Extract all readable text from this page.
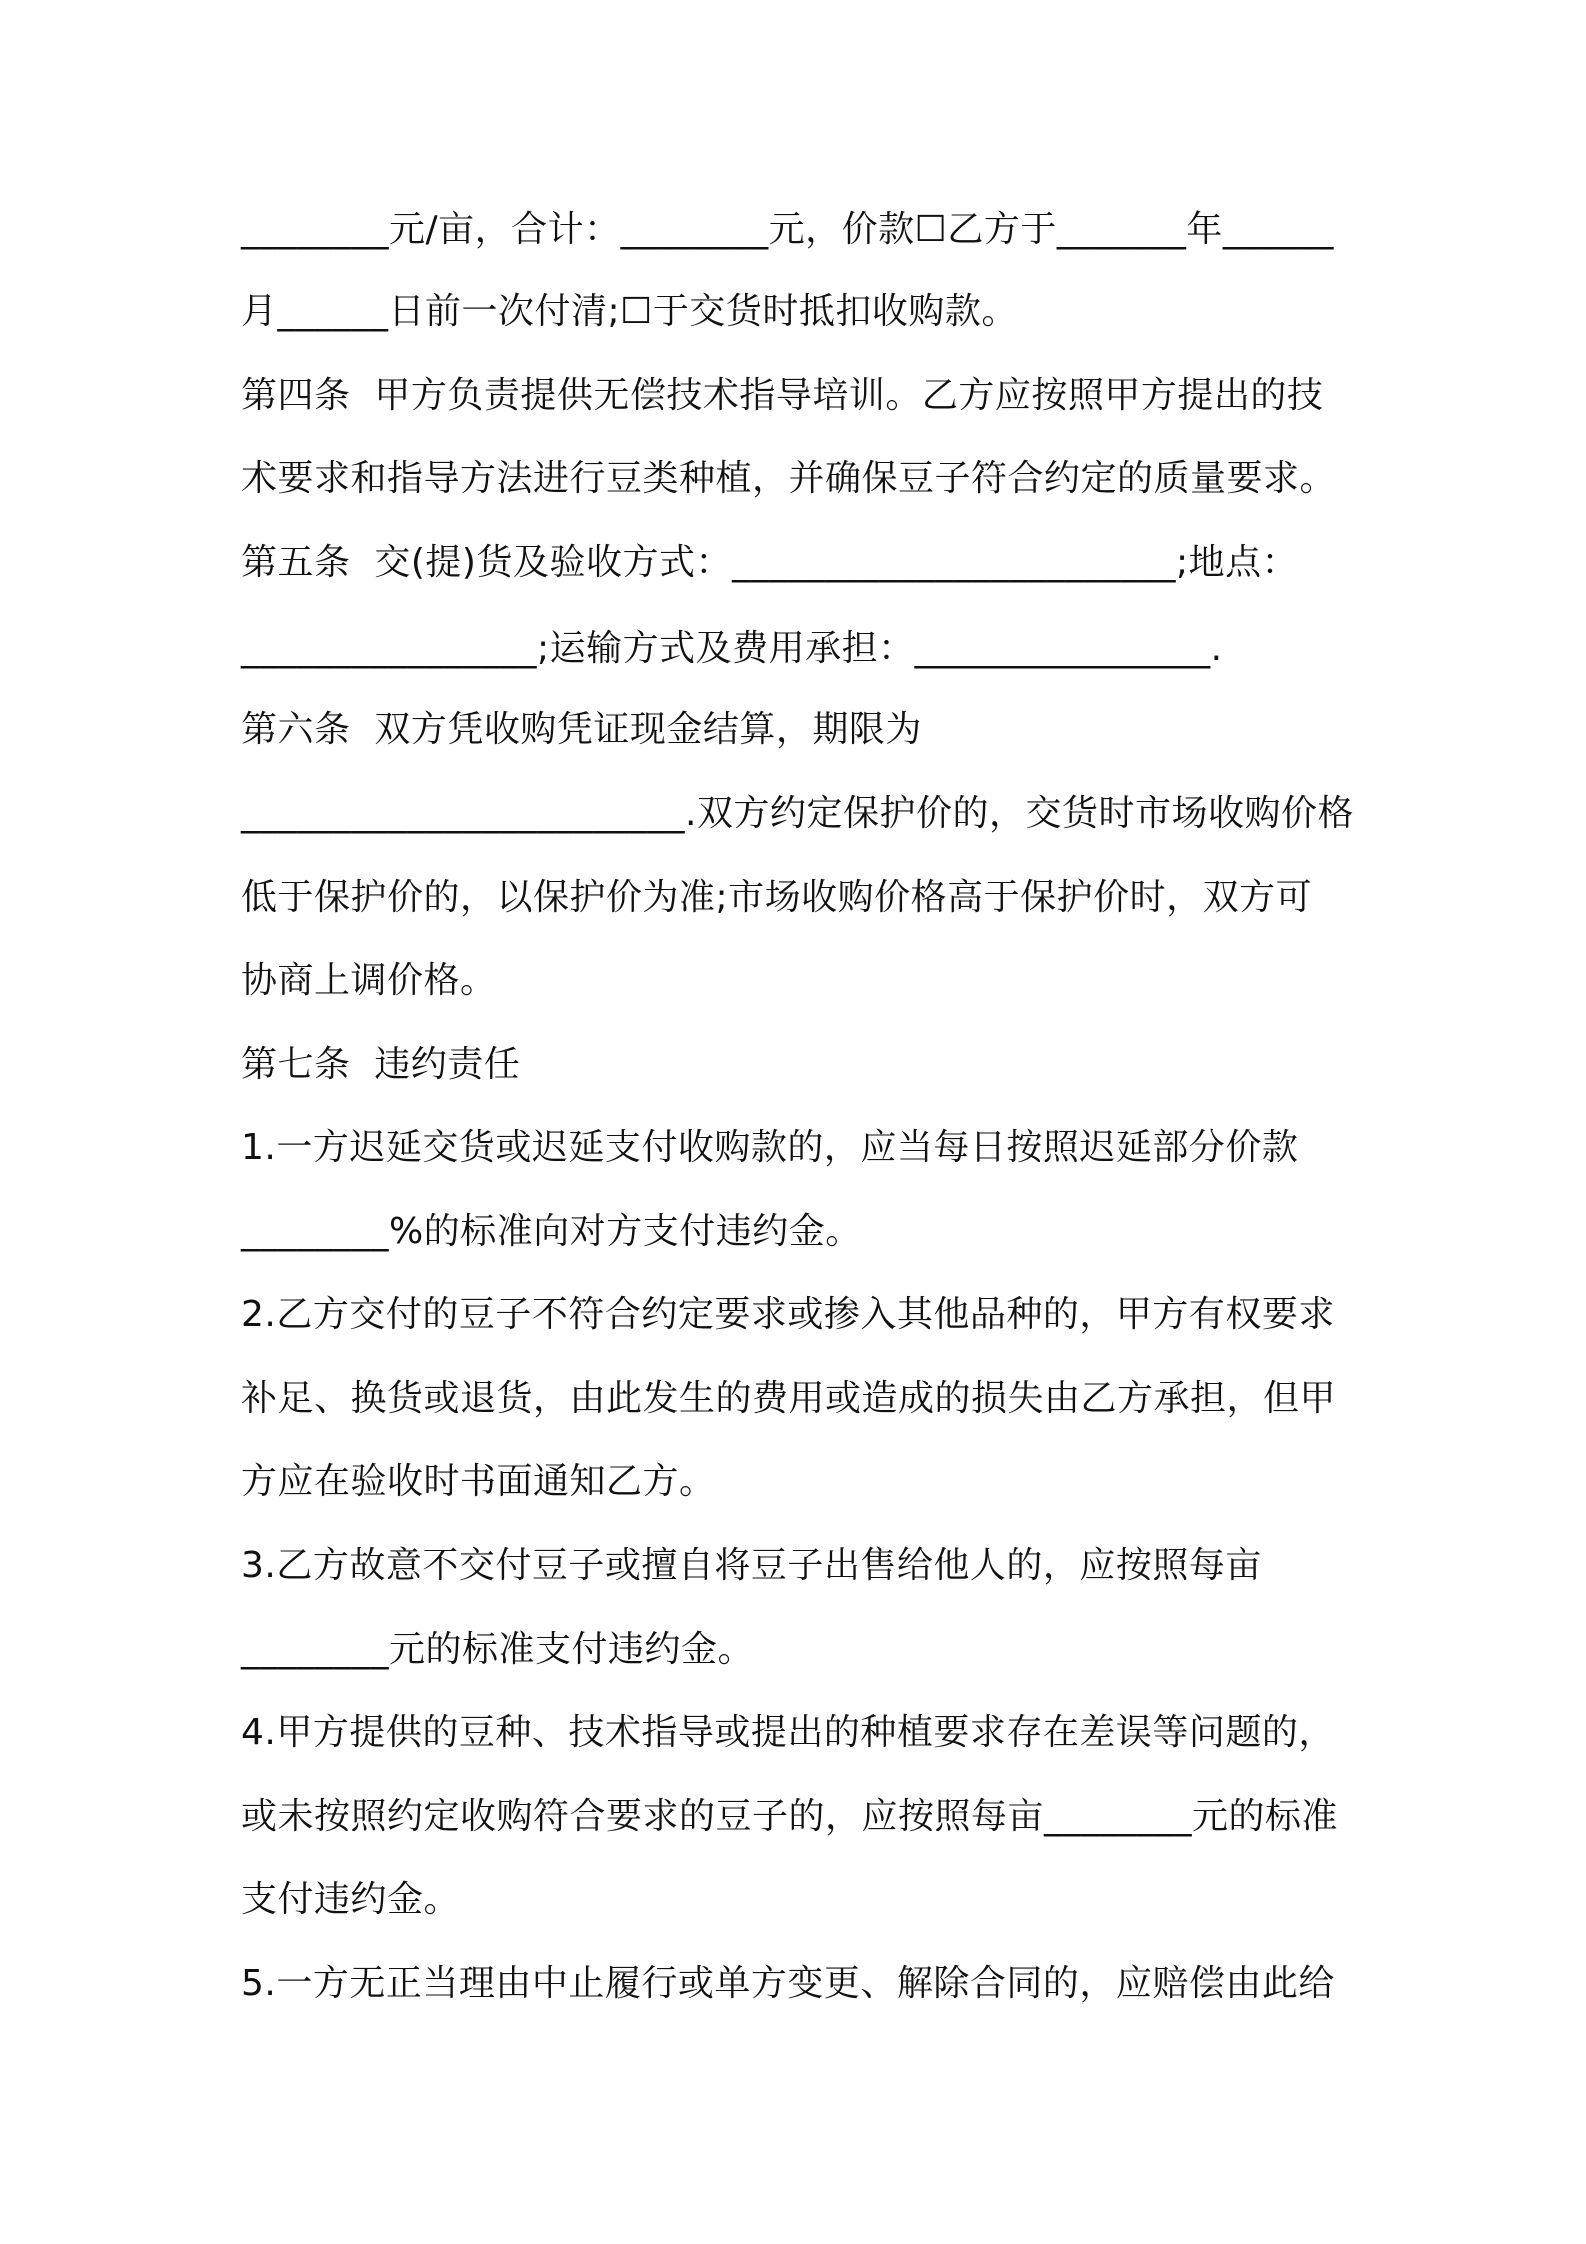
________元/亩，合计：________元，价款☐乙方于_______年______
月______日前一次付清;☐于交货时抵扣收购款。
第四条  甲方负责提供无偿技术指导培训。乙方应按照甲方提出的技
术要求和指导方法进行豆类种植，并确保豆子符合约定的质量要求。
第五条  交(提)货及验收方式：________________________;地点：
________________;运输方式及费用承担：________________.
第六条  双方凭收购凭证现金结算，期限为
________________________.双方约定保护价的，交货时市场收购价格
低于保护价的，以保护价为准;市场收购价格高于保护价时，双方可
协商上调价格。
第七条  违约责任
1.一方迟延交货或迟延支付收购款的，应当每日按照迟延部分价款
________%的标准向对方支付违约金。
2.乙方交付的豆子不符合约定要求或掺入其他品种的，甲方有权要求
补足、换货或退货，由此发生的费用或造成的损失由乙方承担，但甲
方应在验收时书面通知乙方。
3.乙方故意不交付豆子或擅自将豆子出售给他人的，应按照每亩
________元的标准支付违约金。
4.甲方提供的豆种、技术指导或提出的种植要求存在差误等问题的，
或未按照约定收购符合要求的豆子的，应按照每亩________元的标准
支付违约金。
5.一方无正当理由中止履行或单方变更、解除合同的，应赔偿由此给
